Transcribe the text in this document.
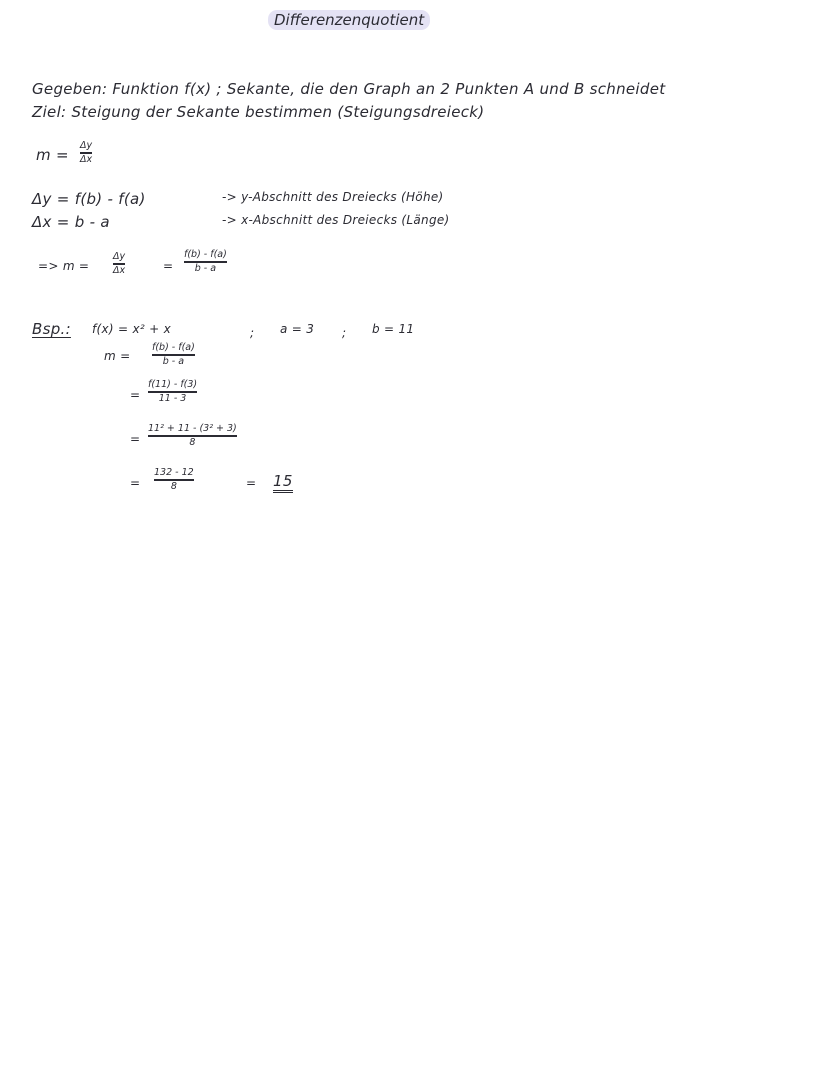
Differenzenquotient
Gegeben: Funktion f(x) ; Sekante, die den Graph an 2 Punkten A und B schneidet
Ziel: Steigung der Sekante bestimmen (Steigungsdreieck)
m =
Δy
Δx
Δy = f(b) - f(a)	-> y-Abschnitt des Dreiecks (Höhe)
Δx = b - a	-> x-Abschnitt des Dreiecks (Länge)
=> m =
Δy
Δx	=
f(b) - f(a)
b - a
Bsp.: f(x) = x² + x	; a = 3 ; b = 11
m =
f(b) - f(a)
b - a
=
f(11) - f(3)
11 - 3
=
11² + 11 - (3² + 3)
8
=
132 - 12
8	= 15
